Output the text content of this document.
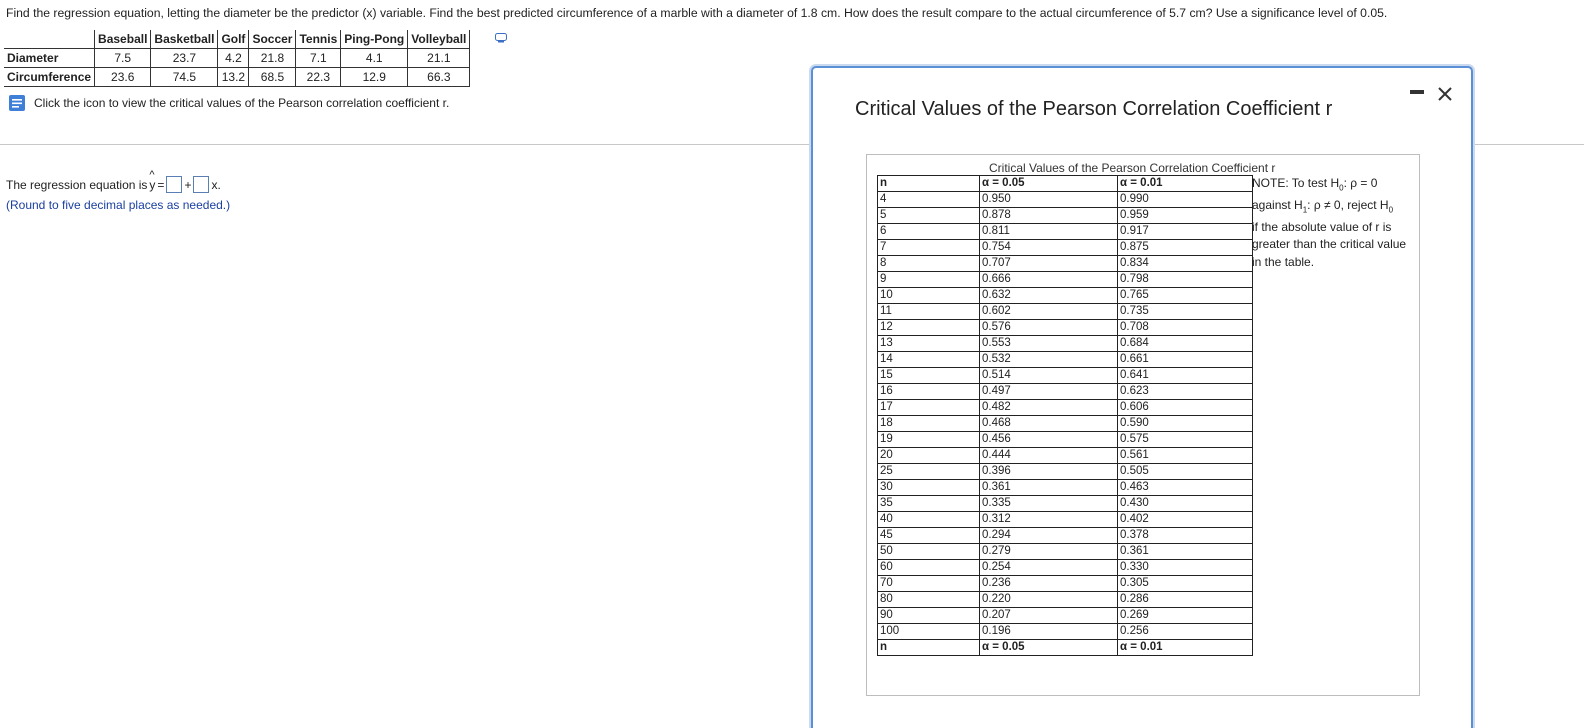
Find the regression equation, letting the diameter be the predictor (x) variable. Find the best predicted circumference of a marble with a diameter of 1.8 cm. How does the result compare to the actual circumference of 5.7 cm? Use a significance level of 0.05.
	Baseball	Basketball	Golf	Soccer	Tennis	Ping-Pong	Volleyball
Diameter	7.5	23.7	4.2	21.8	7.1	4.1	21.1
Circumference	23.6	74.5	13.2	68.5	22.3	12.9	66.3
Click the icon to view the critical values of the Pearson correlation coefficient r.
The regression equation is
^
y = + x.
(Round to five decimal places as needed.)
Critical Values of the Pearson Correlation Coefficient r
Critical Values of the Pearson Correlation Coefficient r
n	α = 0.05	α = 0.01
4	0.950	0.990
5	0.878	0.959
6	0.811	0.917
7	0.754	0.875
8	0.707	0.834
9	0.666	0.798
10	0.632	0.765
11	0.602	0.735
12	0.576	0.708
13	0.553	0.684
14	0.532	0.661
15	0.514	0.641
16	0.497	0.623
17	0.482	0.606
18	0.468	0.590
19	0.456	0.575
20	0.444	0.561
25	0.396	0.505
30	0.361	0.463
35	0.335	0.430
40	0.312	0.402
45	0.294	0.378
50	0.279	0.361
60	0.254	0.330
70	0.236	0.305
80	0.220	0.286
90	0.207	0.269
100	0.196	0.256
n	α = 0.05	α = 0.01
NOTE: To test $H_0$: ρ = 0
against $H_1$: ρ ≠ 0, reject $H_0$
if the absolute value of r is greater than the critical value in the table.
